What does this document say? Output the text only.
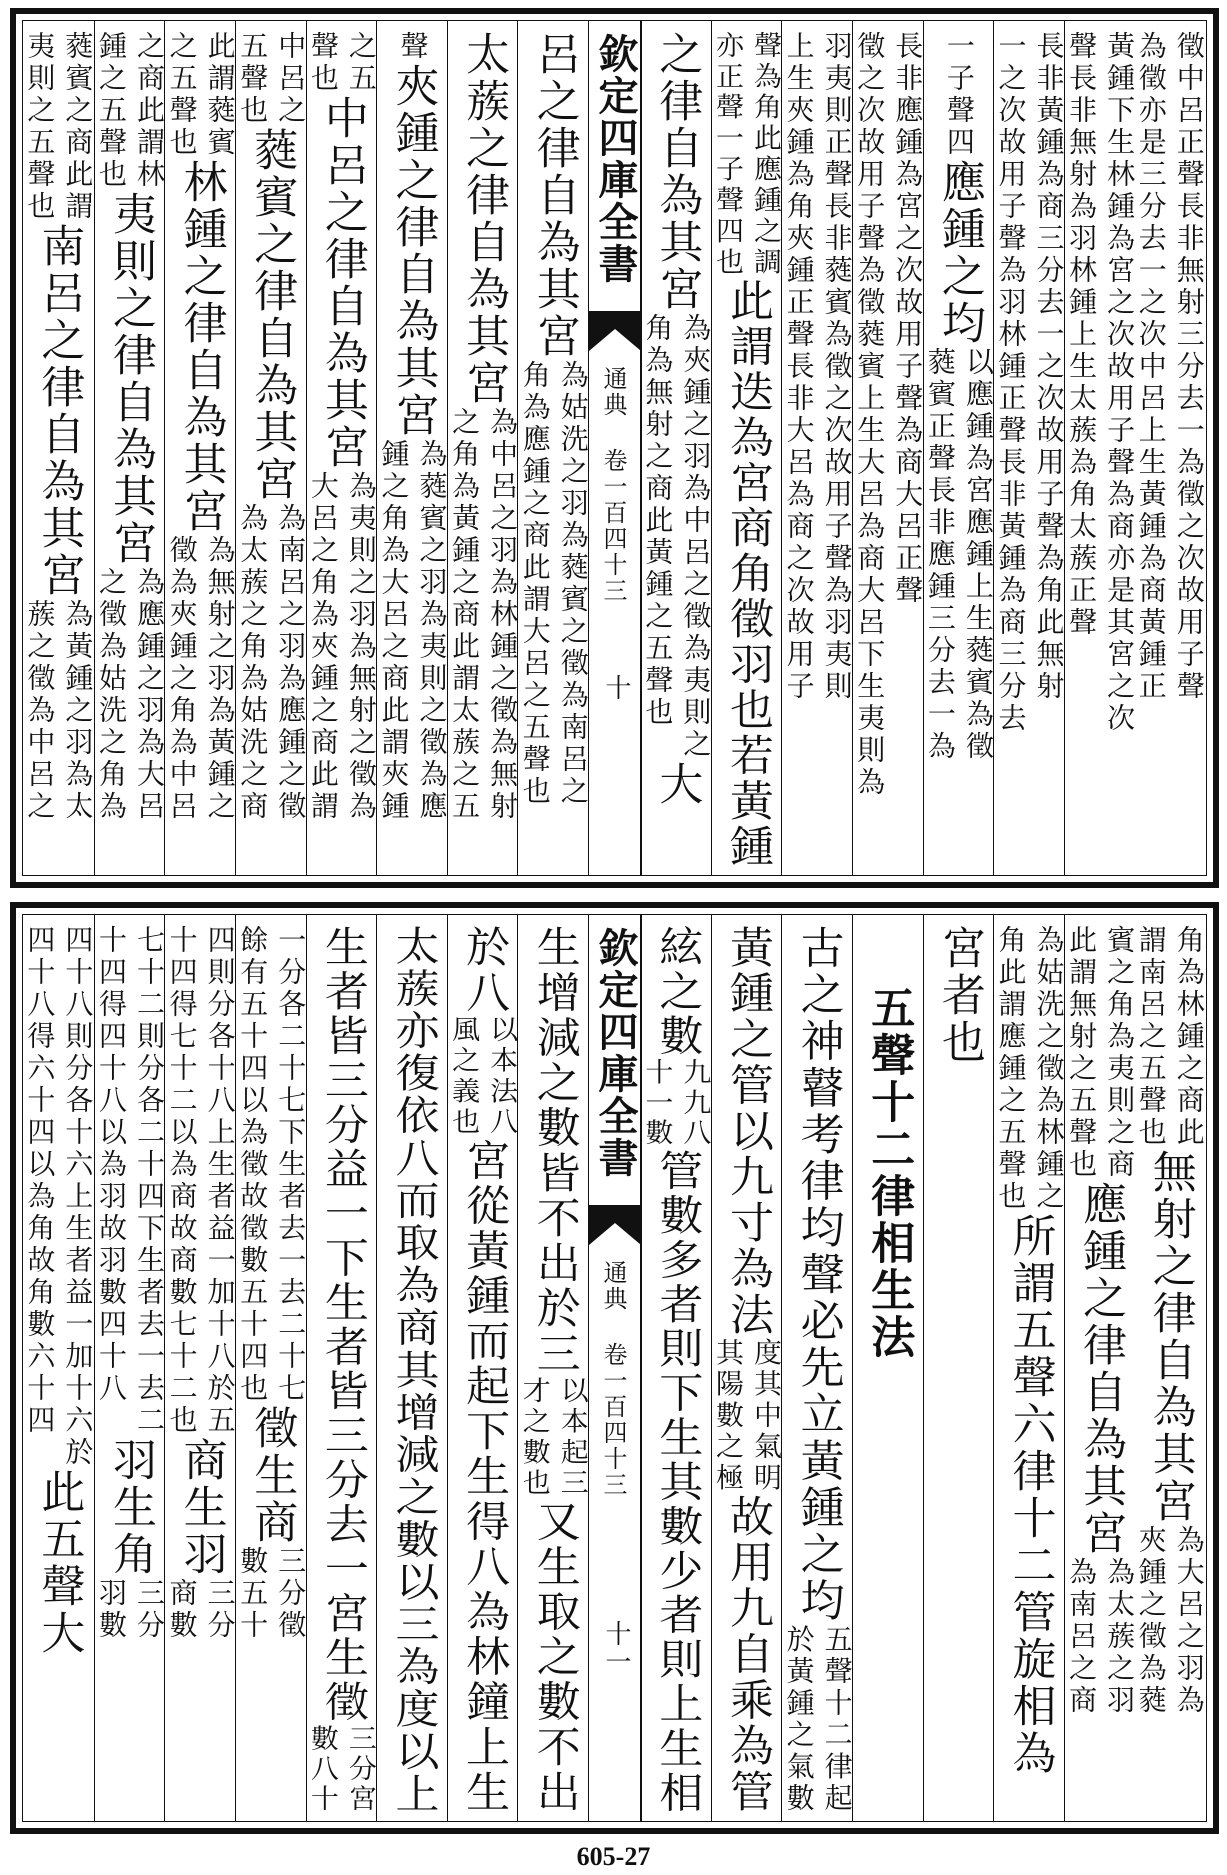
徵中呂正聲長非無射三分去一為徵之次故用子聲
為徵亦是三分去一之次中呂上生黃鍾為商黃鍾正
黃鍾下生林鍾為宮之次故用子聲為商亦是其宮之次
聲長非無射為羽林鍾上生太蔟為角太蔟正聲
長非黃鍾為商三分去一之次故用子聲為角此無射
一之次故用子聲為羽林鍾正聲長非黃鍾為商三分去
一子聲四
應鍾之均
以應鍾為宮應鍾上生蕤賓為徵
蕤賓正聲長非應鍾三分去一為
長非應鍾為宮之次故用子聲為商大呂正聲
徵之次故用子聲為徵蕤賓上生大呂為商大呂下生夷則為
羽夷則正聲長非蕤賓為徵之次故用子聲為羽夷則
上生夾鍾為角夾鍾正聲長非大呂為商之次故用子
聲為角此應鍾之調
亦正聲一子聲四也
此謂迭為宮商角徵羽也若黃鍾
之律自為其宮
為夾鍾之羽為中呂之徵為夷則之
角為無射之商此黃鍾之五聲也
大
欽定四庫全書
通典 卷一百四十三
十
呂之律自為其宮
為姑洗之羽為蕤賓之徵為南呂之
角為應鍾之商此謂大呂之五聲也
太蔟之律自為其宮
為中呂之羽為林鍾之徵為無射
之角為黃鍾之商此謂太蔟之五
聲
夾鍾之律自為其宮
為蕤賓之羽為夷則之徵為應
鍾之角為大呂之商此謂夾鍾
之五
聲也
中呂之律自為其宮
為夷則之羽為無射之徵為
大呂之角為夾鍾之商此謂
中呂之
五聲也
蕤賓之律自為其宮
為南呂之羽為應鍾之徵
為太蔟之角為姑洗之商
此謂蕤賓
之五聲也
林鍾之律自為其宮
為無射之羽為黃鍾之
徵為夾鍾之角為中呂
之商此謂林
鍾之五聲也
夷則之律自為其宮
為應鍾之羽為大呂
之徵為姑洗之角為
蕤賓之商此謂
夷則之五聲也
南呂之律自為其宮
為黃鍾之羽為太
蔟之徵為中呂之
角為林鍾之商此
謂南呂之五聲也
無射之律自為其宮
為大呂之羽為
夾鍾之徵為蕤
賓之角為夷則之商
此謂無射之五聲也
應鍾之律自為其宮
為太蔟之羽
為南呂之商
為姑洗之徵為林鍾之
角此謂應鍾之五聲也
所謂五聲六律十二管旋相為
宮者也
五聲十二律相生法
古之神瞽考律均聲必先立黃鍾之均
五聲十二律起
於黃鍾之氣數
黃鍾之管以九寸為法
度其中氣明
其陽數之極
故用九自乘為管
絃之數
九九八
十一數
管數多者則下生其數少者則上生相
欽定四庫全書
通典 卷一百四十三
十一
生增減之數皆不出於三
以本起三
才之數也
又生取之數不出
於八
以本法八
風之義也
宮從黃鍾而起下生得八為林鐘上生
太蔟亦復依八而取為商其增減之數以三為度以上
生者皆三分益一下生者皆三分去一宮生徵
三分宮
數八十
一分各二十七下生者去一去二十七
餘有五十四以為徵故徵數五十四也
徵生商
三分徵
數五十
四則分各十八上生者益一加十八於五
十四得七十二以為商故商數七十二也
商生羽
三分
商數
七十二則分各二十四下生者去一去二
十四得四十八以為羽故羽數四十八
羽生角
三分
羽數
四十八則分各十六上生者益一加十六於
四十八得六十四以為角故角數六十四
此五聲大
605-27
